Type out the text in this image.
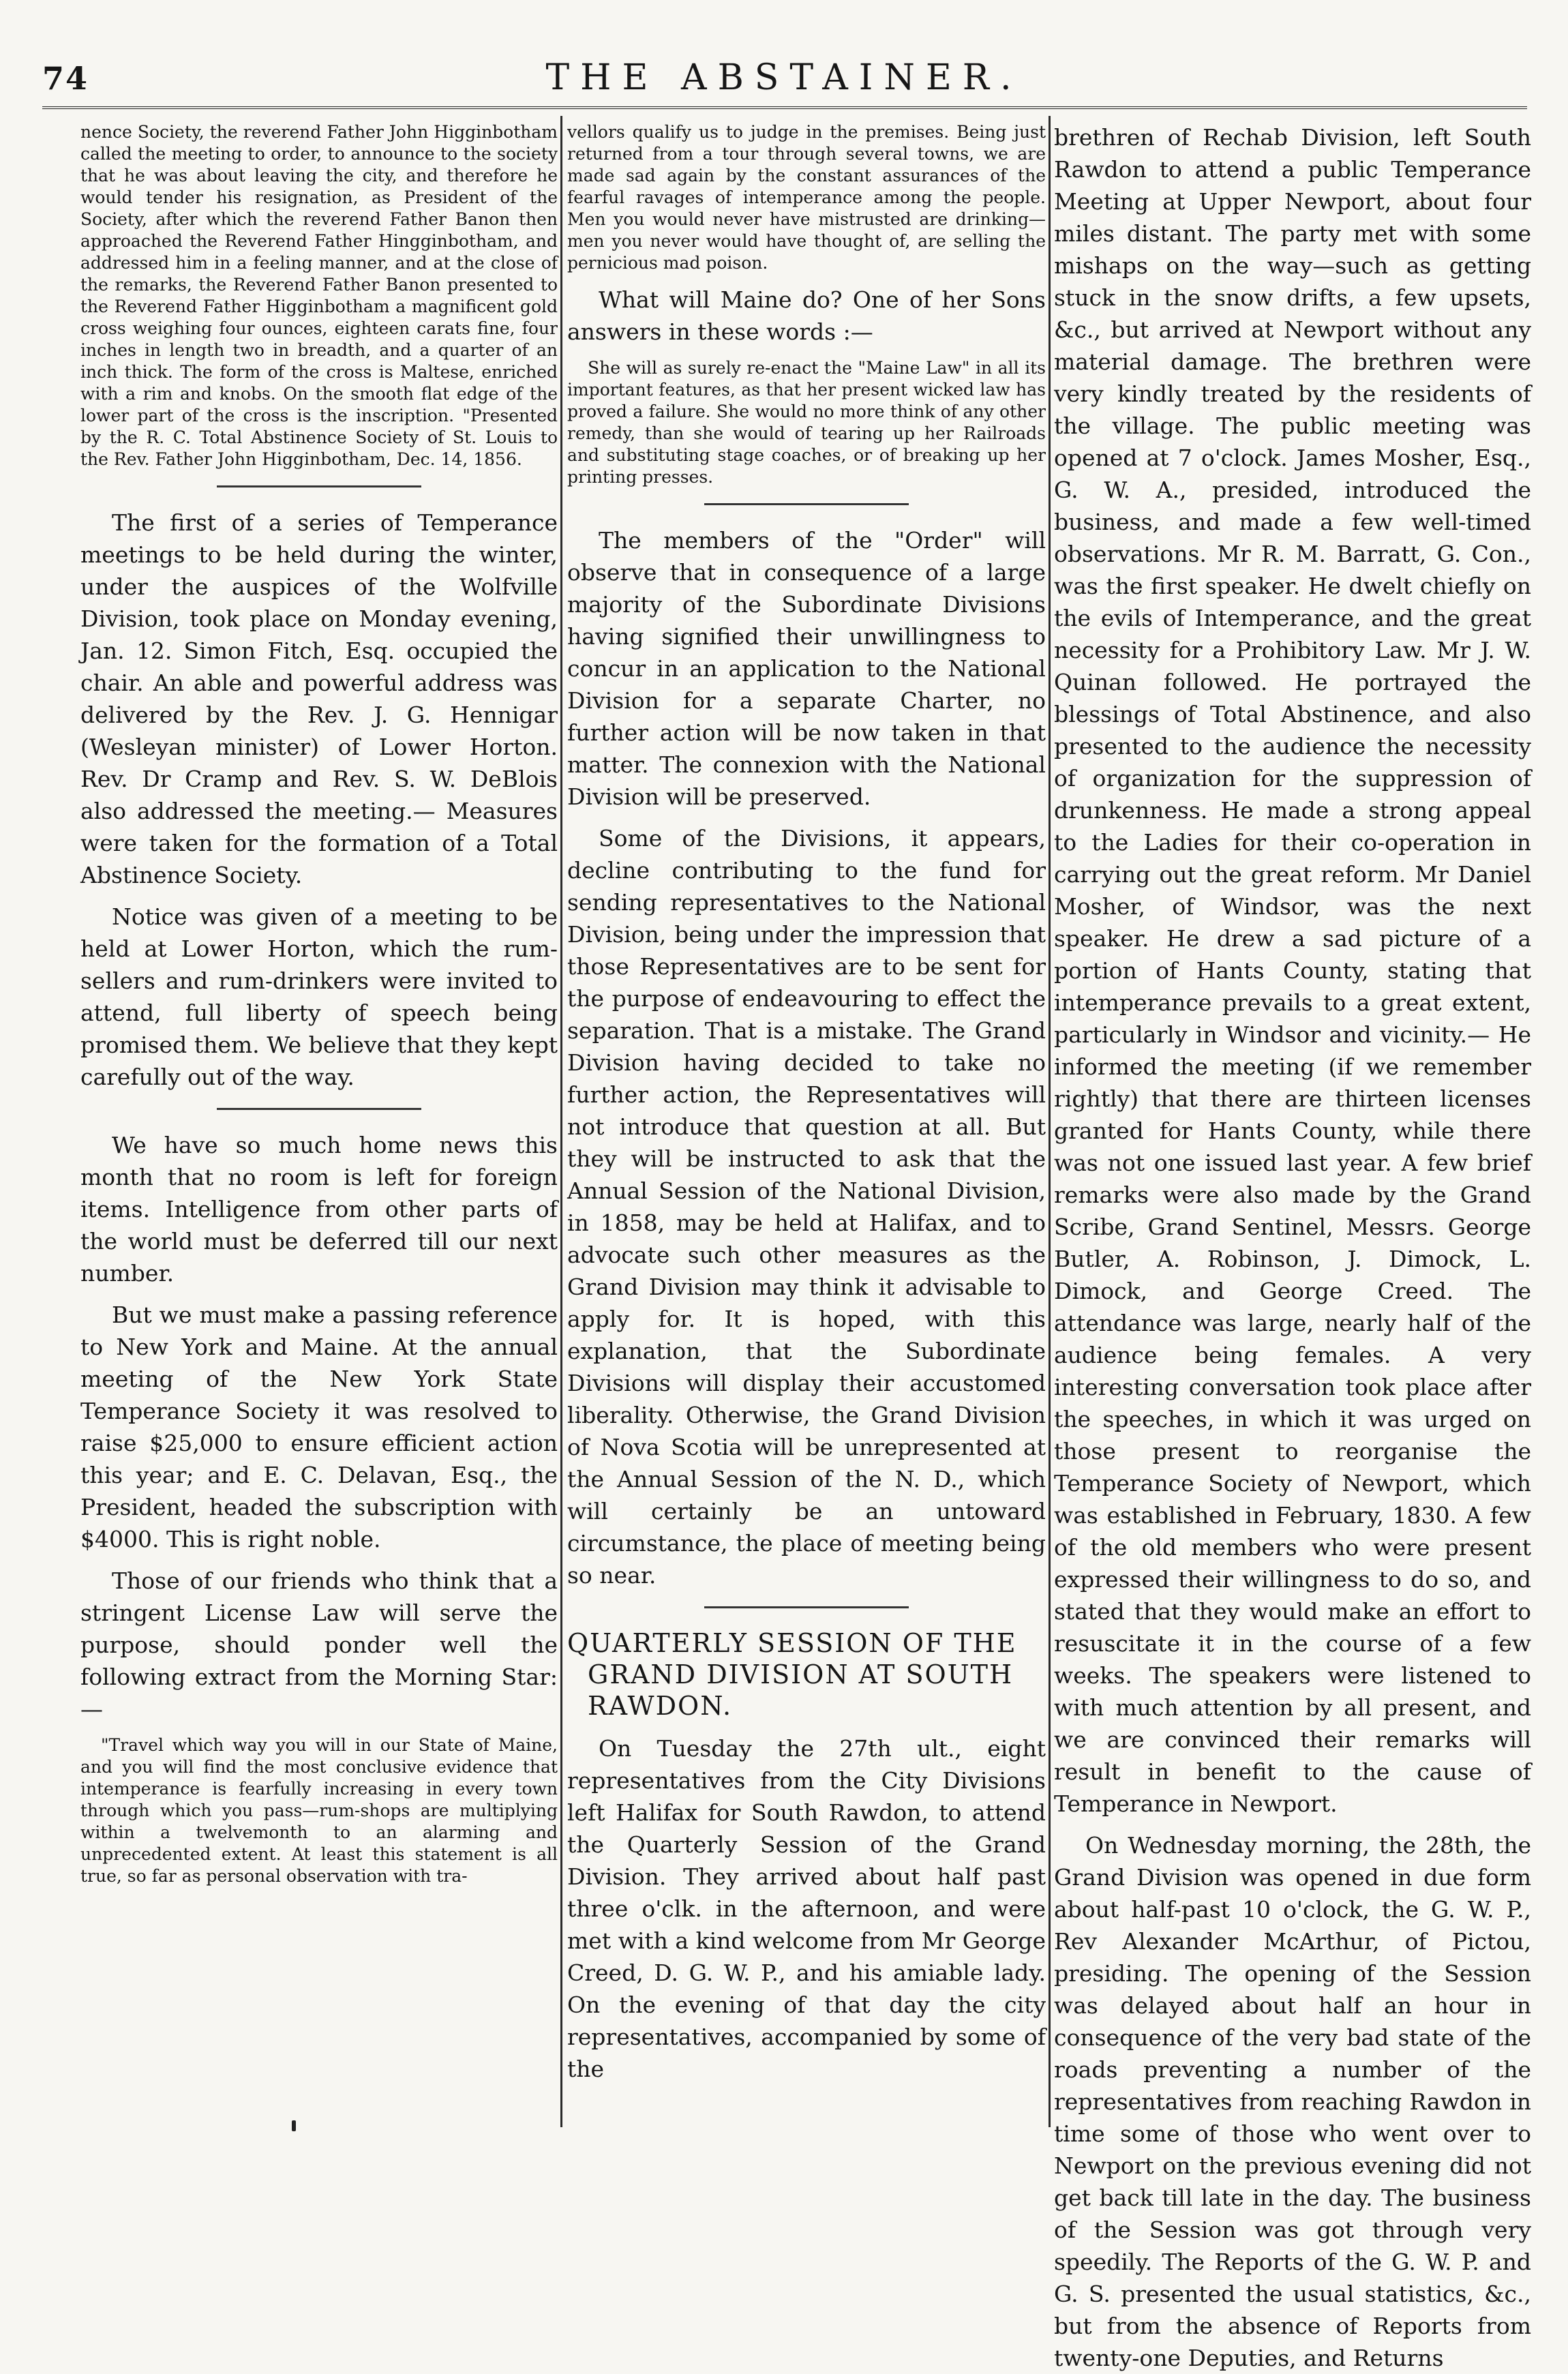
74	THE ABSTAINER.

nence Society, the reverend Father John Higginbotham called the meeting to order, to announce to the society that he was about leaving the city, and therefore he would tender his resignation, as President of the Society, after which the reverend Father Banon then approached the Reverend Father Hingginbotham, and addressed him in a feeling manner, and at the close of the remarks, the Reverend Father Banon presented to the Reverend Father Higginbotham a magnificent gold cross weighing four ounces, eighteen carats fine, four inches in length two in breadth, and a quarter of an inch thick. The form of the cross is Maltese, enriched with a rim and knobs. On the smooth flat edge of the lower part of the cross is the inscription. "Presented by the R. C. Total Abstinence Society of St. Louis to the Rev. Father John Higginbotham, Dec. 14, 1856.

The first of a series of Temperance meetings to be held during the winter, under the auspices of the Wolfville Division, took place on Monday evening, Jan. 12. Simon Fitch, Esq. occupied the chair. An able and powerful address was delivered by the Rev. J. G. Hennigar (Wesleyan minister) of Lower Horton. Rev. Dr Cramp and Rev. S. W. DeBlois also addressed the meeting.— Measures were taken for the formation of a Total Abstinence Society.

Notice was given of a meeting to be held at Lower Horton, which the rum-sellers and rum-drinkers were invited to attend, full liberty of speech being promised them. We believe that they kept carefully out of the way.

We have so much home news this month that no room is left for foreign items. Intelligence from other parts of the world must be deferred till our next number.

But we must make a passing reference to New York and Maine. At the annual meeting of the New York State Temperance Society it was resolved to raise $25,000 to ensure efficient action this year; and E. C. Delavan, Esq., the President, headed the subscription with $4000. This is right noble.

Those of our friends who think that a stringent License Law will serve the purpose, should ponder well the following extract from the Morning Star:—

"Travel which way you will in our State of Maine, and you will find the most conclusive evidence that intemperance is fearfully increasing in every town through which you pass—rum-shops are multiplying within a twelvemonth to an alarming and unprecedented extent. At least this statement is all true, so far as personal observation with tra-

vellors qualify us to judge in the premises. Being just returned from a tour through several towns, we are made sad again by the constant assurances of the fearful ravages of intemperance among the people. Men you would never have mistrusted are drinking—men you never would have thought of, are selling the pernicious mad poison.

What will Maine do? One of her Sons answers in these words :—

She will as surely re-enact the "Maine Law" in all its important features, as that her present wicked law has proved a failure. She would no more think of any other remedy, than she would of tearing up her Railroads and substituting stage coaches, or of breaking up her printing presses.

The members of the "Order" will observe that in consequence of a large majority of the Subordinate Divisions having signified their unwillingness to concur in an application to the National Division for a separate Charter, no further action will be now taken in that matter. The connexion with the National Division will be preserved.

Some of the Divisions, it appears, decline contributing to the fund for sending representatives to the National Division, being under the impression that those Representatives are to be sent for the purpose of endeavouring to effect the separation. That is a mistake. The Grand Division having decided to take no further action, the Representatives will not introduce that question at all. But they will be instructed to ask that the Annual Session of the National Division, in 1858, may be held at Halifax, and to advocate such other measures as the Grand Division may think it advisable to apply for. It is hoped, with this explanation, that the Subordinate Divisions will display their accustomed liberality. Otherwise, the Grand Division of Nova Scotia will be unrepresented at the Annual Session of the N. D., which will certainly be an untoward circumstance, the place of meeting being so near.

QUARTERLY SESSION OF THE
GRAND DIVISION AT SOUTH
RAWDON.

On Tuesday the 27th ult., eight representatives from the City Divisions left Halifax for South Rawdon, to attend the Quarterly Session of the Grand Division. They arrived about half past three o'clk. in the afternoon, and were met with a kind welcome from Mr George Creed, D. G. W. P., and his amiable lady. On the evening of that day the city representatives, accompanied by some of the

brethren of Rechab Division, left South Rawdon to attend a public Temperance Meeting at Upper Newport, about four miles distant. The party met with some mishaps on the way—such as getting stuck in the snow drifts, a few upsets, &c., but arrived at Newport without any material damage. The brethren were very kindly treated by the residents of the village. The public meeting was opened at 7 o'clock. James Mosher, Esq., G. W. A., presided, introduced the business, and made a few well-timed observations. Mr R. M. Barratt, G. Con., was the first speaker. He dwelt chiefly on the evils of Intemperance, and the great necessity for a Prohibitory Law. Mr J. W. Quinan followed. He portrayed the blessings of Total Abstinence, and also presented to the audience the necessity of organization for the suppression of drunkenness. He made a strong appeal to the Ladies for their co-operation in carrying out the great reform. Mr Daniel Mosher, of Windsor, was the next speaker. He drew a sad picture of a portion of Hants County, stating that intemperance prevails to a great extent, particularly in Windsor and vicinity.— He informed the meeting (if we remember rightly) that there are thirteen licenses granted for Hants County, while there was not one issued last year. A few brief remarks were also made by the Grand Scribe, Grand Sentinel, Messrs. George Butler, A. Robinson, J. Dimock, L. Dimock, and George Creed. The attendance was large, nearly half of the audience being females. A very interesting conversation took place after the speeches, in which it was urged on those present to reorganise the Temperance Society of Newport, which was established in February, 1830. A few of the old members who were present expressed their willingness to do so, and stated that they would make an effort to resuscitate it in the course of a few weeks. The speakers were listened to with much attention by all present, and we are convinced their remarks will result in benefit to the cause of Temperance in Newport.

On Wednesday morning, the 28th, the Grand Division was opened in due form about half-past 10 o'clock, the G. W. P., Rev Alexander McArthur, of Pictou, presiding. The opening of the Session was delayed about half an hour in consequence of the very bad state of the roads preventing a number of the representatives from reaching Rawdon in time some of those who went over to Newport on the previous evening did not get back till late in the day. The business of the Session was got through very speedily. The Reports of the G. W. P. and G. S. presented the usual statistics, &c., but from the absence of Reports from twenty-one Deputies, and Returns
